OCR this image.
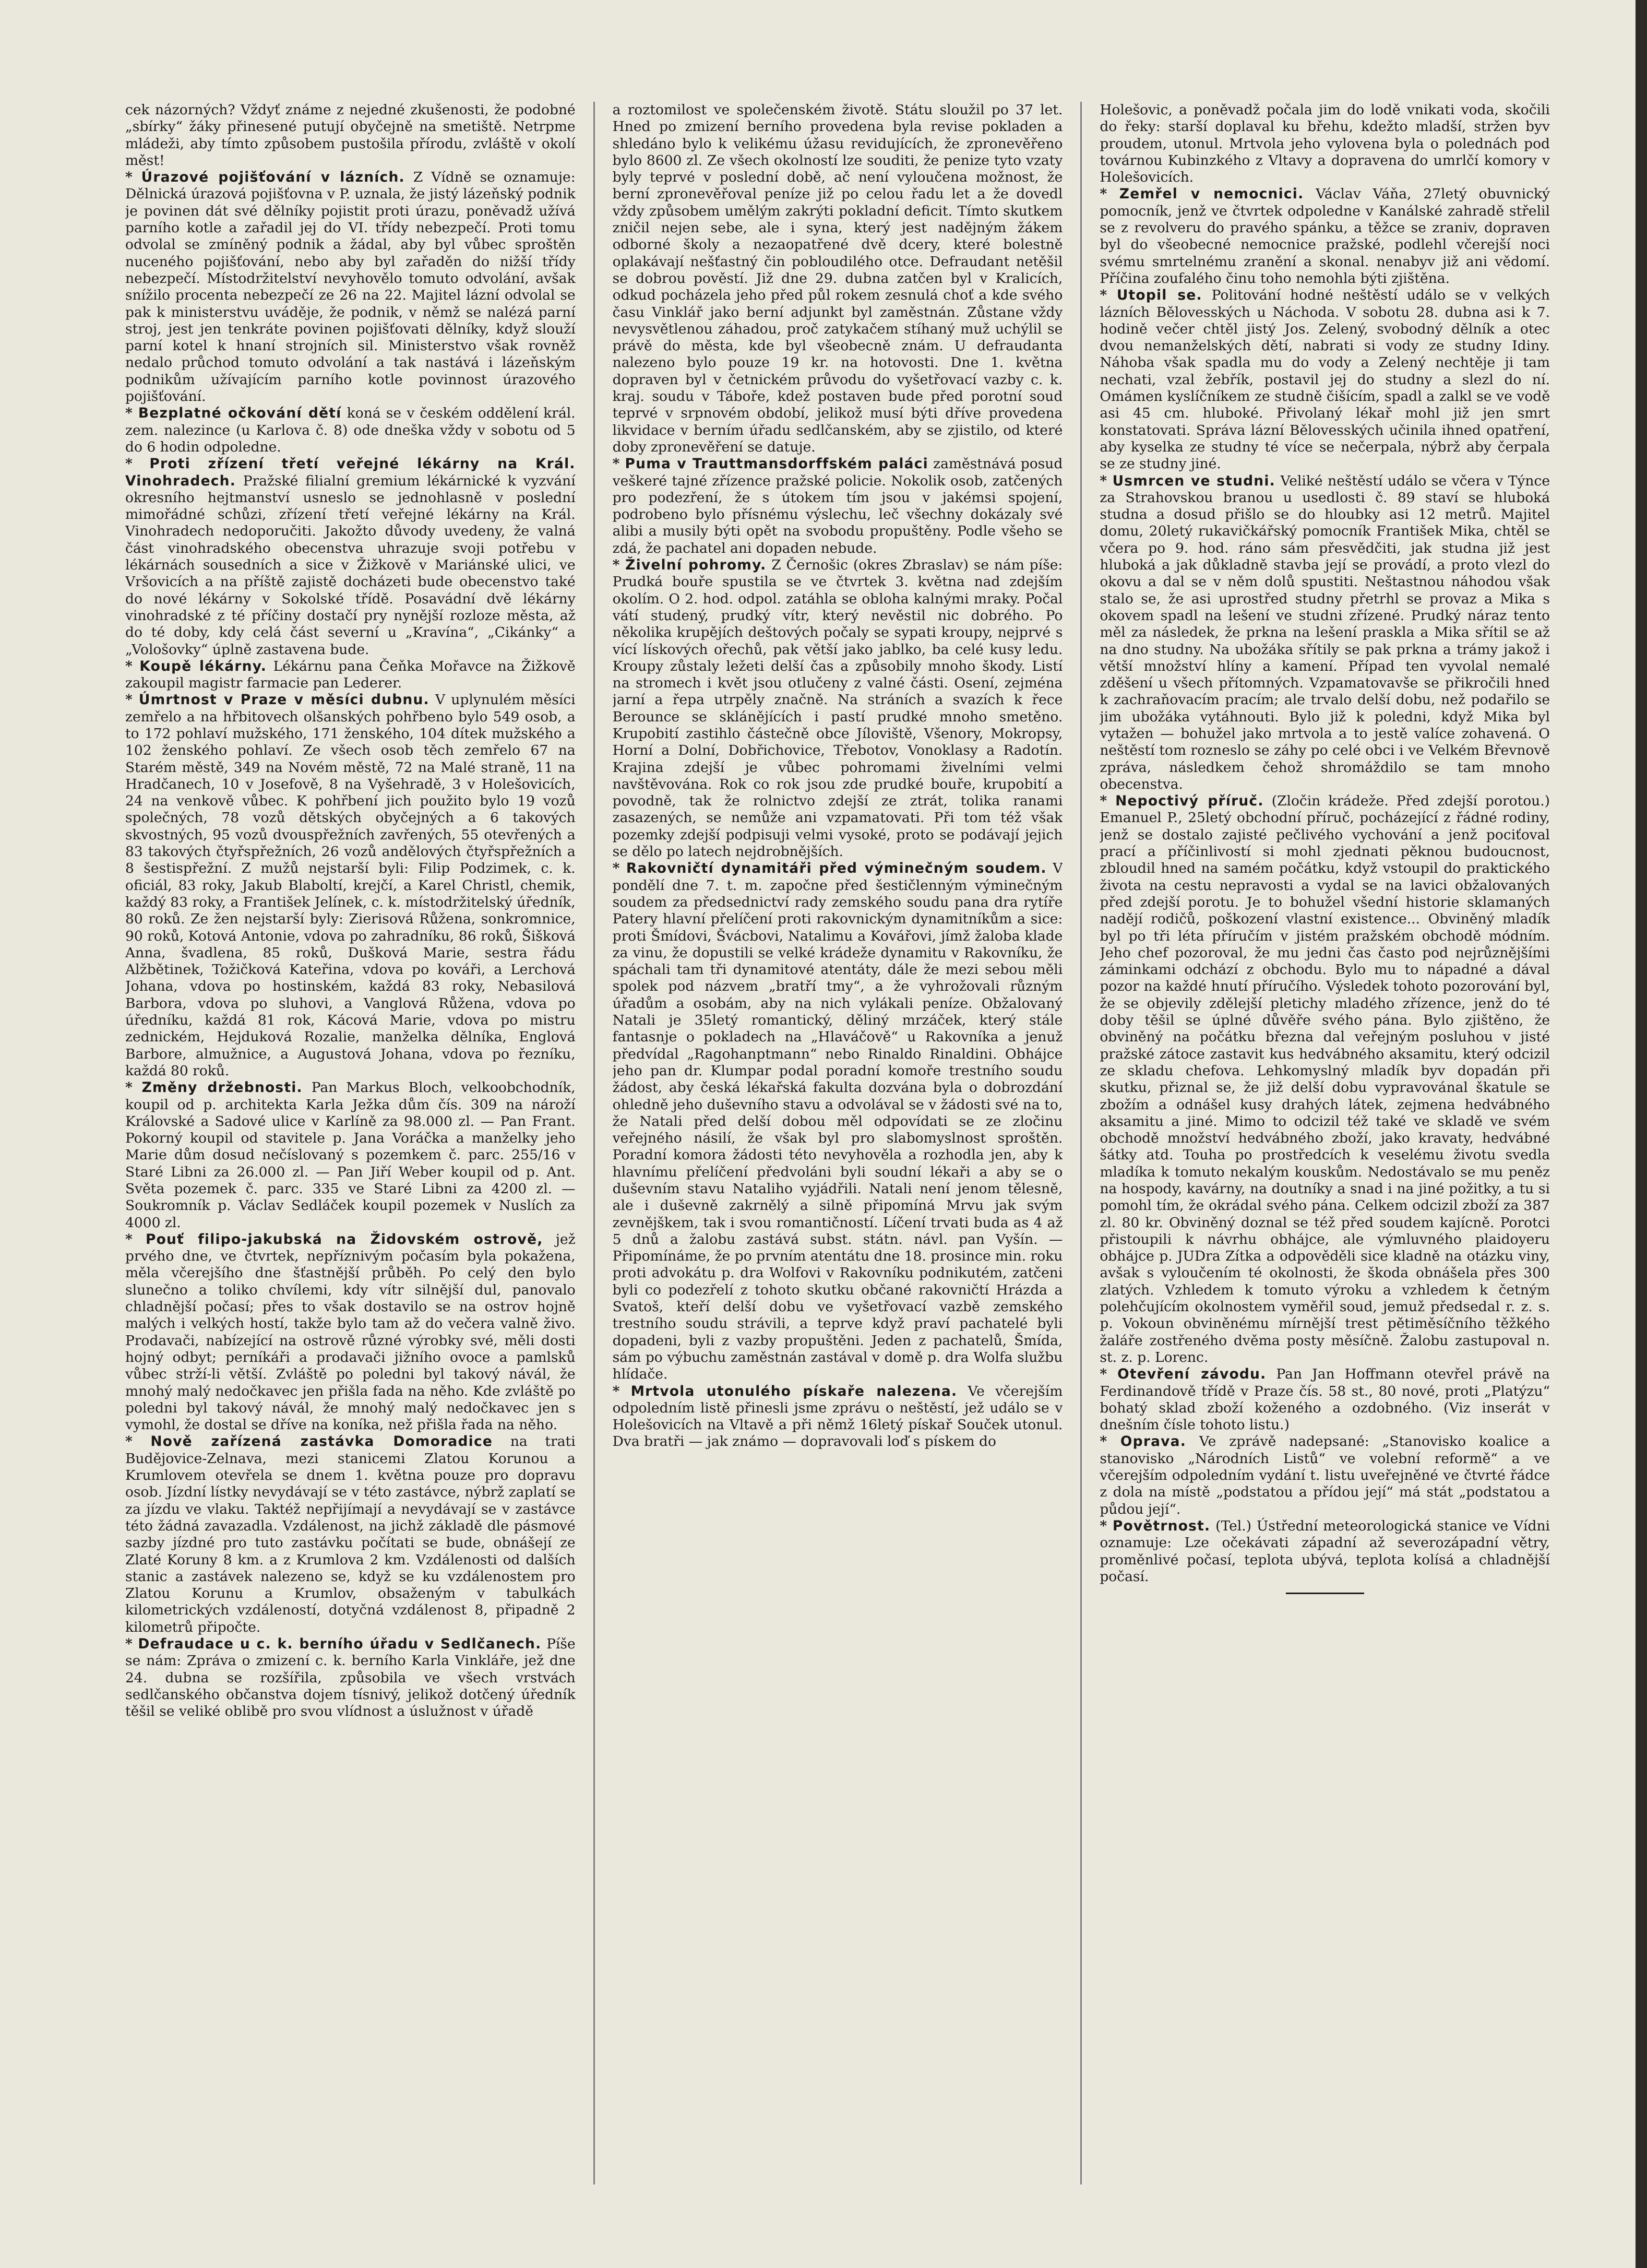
cek názorných? Vždyť známe z nejedné zkušenosti, že podobné „sbírky“ žáky přinesené putují obyčejně na smetiště. Netrpme mládeži, aby tímto způsobem pustošila přírodu, zvláště v okolí měst!

* Úrazové pojišťování v lázních. Z Vídně se oznamuje: Dělnická úrazová pojišťovna v P. uznala, že jistý lázeňský podnik je povinen dát své dělníky pojistit proti úrazu, poněvadž užívá parního kotle a zařadil jej do VI. třídy nebezpečí. Proti tomu odvolal se zmíněný podnik a žádal, aby byl vůbec sproštěn nuceného pojišťování, nebo aby byl zařaděn do nižší třídy nebezpečí. Místodržitelství nevyhovělo tomuto odvolání, avšak snížilo procenta nebezpečí ze 26 na 22. Majitel lázní odvolal se pak k ministerstvu uváděje, že podnik, v němž se nalézá parní stroj, jest jen tenkráte povinen pojišťovati dělníky, když slouží parní kotel k hnaní strojních sil. Ministerstvo však rovněž nedalo průchod tomuto odvolání a tak nastává i lázeňským podnikům užívajícím parního kotle povinnost úrazového pojišťování.

* Bezplatné očkování dětí koná se v českém oddělení král. zem. nalezince (u Karlova č. 8) ode dneška vždy v sobotu od 5 do 6 hodin odpoledne.

* Proti zřízení třetí veřejné lékárny na Král. Vinohradech. Pražské filialní gremium lékárnické k vyzvání okresního hejtmanství usneslo se jednohlasně v poslední mimořádné schůzi, zřízení třetí veřejné lékárny na Král. Vinohradech nedoporučiti. Jakožto důvody uvedeny, že valná část vinohradského obecenstva uhrazuje svoji potřebu v lékárnách sousedních a sice v Žižkově v Mariánské ulici, ve Vršovicích a na příště zajistě docházeti bude obecenstvo také do nové lékárny v Sokolské třídě. Posavádní dvě lékárny vinohradské z té příčiny dostačí pry nynější rozloze města, až do té doby, kdy celá část severní u „Kravína“, „Cikánky“ a „Vološovky“ úplně zastavena bude.

* Koupě lékárny. Lékárnu pana Čeňka Mořavce na Žižkově zakoupil magistr farmacie pan Lederer.

* Úmrtnost v Praze v měsíci dubnu. V uplynulém měsíci zemřelo a na hřbitovech olšanských pohřbeno bylo 549 osob, a to 172 pohlaví mužského, 171 ženského, 104 dítek mužského a 102 ženského pohlaví. Ze všech osob těch zemřelo 67 na Starém městě, 349 na Novém městě, 72 na Malé straně, 11 na Hradčanech, 10 v Josefově, 8 na Vyšehradě, 3 v Holešovicích, 24 na venkově vůbec. K pohřbení jich použito bylo 19 vozů společných, 78 vozů dětských obyčejných a 6 takových skvostných, 95 vozů dvouspřežních zavřených, 55 otevřených a 83 takových čtyřspřežních, 26 vozů andělových čtyřspřežních a 8 šestispřežní. Z mužů nejstarší byli: Filip Podzimek, c. k. oficiál, 83 roky, Jakub Blaboltí, krejčí, a Karel Christl, chemik, každý 83 roky, a František Jelínek, c. k. místodržitelský úředník, 80 roků. Ze žen nejstarší byly: Zierisová Růžena, sonkromnice, 90 roků, Kotová Antonie, vdova po zahradníku, 86 roků, Šišková Anna, švadlena, 85 roků, Dušková Marie, sestra řádu Alžbětinek, Tožičková Kateřina, vdova po kováři, a Lerchová Johana, vdova po hostinském, každá 83 roky, Nebasilová Barbora, vdova po sluhovi, a Vanglová Růžena, vdova po úředníku, každá 81 rok, Kácová Marie, vdova po mistru zednickém, Hejduková Rozalie, manželka dělníka, Englová Barbore, almužnice, a Augustová Johana, vdova po řezníku, každá 80 roků.

* Změny držebnosti. Pan Markus Bloch, velkoobchodník, koupil od p. architekta Karla Ježka dům čís. 309 na nároží Královské a Sadové ulice v Karlíně za 98.000 zl. — Pan Frant. Pokorný koupil od stavitele p. Jana Voráčka a manželky jeho Marie dům dosud nečíslovaný s pozemkem č. parc. 255/16 v Staré Libni za 26.000 zl. — Pan Jiří Weber koupil od p. Ant. Světa pozemek č. parc. 335 ve Staré Libni za 4200 zl. — Soukromník p. Václav Sedláček koupil pozemek v Nuslích za 4000 zl.

* Pouť filipo-jakubská na Židovském ostrově, jež prvého dne, ve čtvrtek, nepříznivým počasím byla pokažena, měla včerejšího dne šťastnější průběh. Po celý den bylo slunečno a toliko chvílemi, kdy vítr silnější dul, panovalo chladnější počasí; přes to však dostavilo se na ostrov hojně malých i velkých hostí, takže bylo tam až do večera valně živo. Prodavači, nabízející na ostrově různé výrobky své, měli dosti hojný odbyt; perníkáři a prodavači jižního ovoce a pamlsků vůbec strží-li větší. Zvláště po poledni byl takový návál, že mnohý malý nedočkavec jen přišla fada na něho. Kde zvláště po poledni byl takový návál, že mnohý malý nedočkavec jen s vymohl, že dostal se dříve na koníka, než přišla řada na něho.

* Nově zařízená zastávka Domoradice na trati Budějovice-Zelnava, mezi stanicemi Zlatou Korunou a Krumlovem otevřela se dnem 1. května pouze pro dopravu osob. Jízdní lístky nevydávají se v této zastávce, nýbrž zaplatí se za jízdu ve vlaku. Taktéž nepřijímají a nevydávají se v zastávce této žádná zavazadla. Vzdálenost, na jichž základě dle pásmové sazby jízdné pro tuto zastávku počítati se bude, obnášejí ze Zlaté Koruny 8 km. a z Krumlova 2 km. Vzdálenosti od dalších stanic a zastávek nalezeno se, když se ku vzdálenostem pro Zlatou Korunu a Krumlov, obsaženým v tabulkách kilometrických vzdáleností, dotyčná vzdálenost 8, připadně 2 kilometrů připočte.

* Defraudace u c. k. berního úřadu v Sedlčanech. Píše se nám: Zpráva o zmizení c. k. berního Karla Vinkláře, jež dne 24. dubna se rozšířila, způsobila ve všech vrstvách sedlčanského občanstva dojem tísnivý, jelikož dotčený úředník těšil se veliké oblibě pro svou vlídnost a úslužnost v úřadě

a roztomilost ve společenském životě. Státu sloužil po 37 let. Hned po zmizení berního provedena byla revise pokladen a shledáno bylo k velikému úžasu revidujících, že zpronevěřeno bylo 8600 zl. Ze všech okolností lze souditi, že penize tyto vzaty byly teprvé v poslední době, ač není vyloučena možnost, že berní zpronevěřoval peníze již po celou řadu let a že dovedl vždy způsobem umělým zakrýti pokladní deficit. Tímto skutkem zničil nejen sebe, ale i syna, který jest nadějným žákem odborné školy a nezaopatřené dvě dcery, které bolestně oplakávají nešťastný čin pobloudilého otce. Defraudant netěšil se dobrou pověstí. Již dne 29. dubna zatčen byl v Kralicích, odkud pocházela jeho před půl rokem zesnulá choť a kde svého času Vinklář jako berní adjunkt byl zaměstnán. Zůstane vždy nevysvětlenou záhadou, proč zatykačem stíhaný muž uchýlil se právě do města, kde byl všeobecně znám. U defraudanta nalezeno bylo pouze 19 kr. na hotovosti. Dne 1. května dopraven byl v četnickém průvodu do vyšetřovací vazby c. k. kraj. soudu v Táboře, kdež postaven bude před porotní soud teprvé v srpnovém období, jelikož musí býti dříve provedena likvidace v berním úřadu sedlčanském, aby se zjistilo, od které doby zpronevěření se datuje.

* Puma v Trauttmansdorffském paláci zaměstnává posud veškeré tajné zřízence pražské policie. Nokolik osob, zatčených pro podezření, že s útokem tím jsou v jakémsi spojení, podrobeno bylo přísnému výslechu, leč všechny dokázaly své alibi a musily býti opět na svobodu propuštěny. Podle všeho se zdá, že pachatel ani dopaden nebude.

* Živelní pohromy. Z Černošic (okres Zbraslav) se nám píše: Prudká bouře spustila se ve čtvrtek 3. května nad zdejším okolím. O 2. hod. odpol. zatáhla se obloha kalnými mraky. Počal vátí studený, prudký vítr, který nevěstil nic dobrého. Po několika krupějích deštových počaly se sypati kroupy, nejprvé s vící lískových ořechů, pak větší jako jablko, ba celé kusy ledu. Kroupy zůstaly ležeti delší čas a způsobily mnoho škody. Listí na stromech i květ jsou otlučeny z valné části. Osení, zejména jarní a řepa utrpěly značně. Na stráních a svazích k řece Berounce se sklánějících i pastí prudké mnoho smetěno. Krupobití zastihlo částečně obce Jíloviště, Všenory, Mokropsy, Horní a Dolní, Dobřichovice, Třebotov, Vonoklasy a Radotín. Krajina zdejší je vůbec pohromami živelními velmi navštěvována. Rok co rok jsou zde prudké bouře, krupobití a povodně, tak že rolnictvo zdejší ze ztrát, tolika ranami zasazených, se nemůže ani vzpamatovati. Při tom též však pozemky zdejší podpisuji velmi vysoké, proto se podávají jejich se dělo po latech nejdrobnějších.

* Rakovničtí dynamitáři před výminečným soudem. V pondělí dne 7. t. m. započne před šestičlenným výminečným soudem za předsednictví rady zemského soudu pana dra rytíře Patery hlavní přelíčení proti rakovnickým dynamitníkům a sice: proti Šmídovi, Švácbovi, Natalimu a Kovářovi, jímž žaloba klade za vinu, že dopustili se velké krádeže dynamitu v Rakovníku, že spáchali tam tři dynamitové atentáty, dále že mezi sebou měli spolek pod názvem „bratří tmy“, a že vyhrožovali různým úřadům a osobám, aby na nich vylákali peníze. Obžalovaný Natali je 35letý romantický, děliný mrzáček, který stále fantasnje o pokladech na „Hlaváčově“ u Rakovníka a jenuž předvídal „Ragohanptmann“ nebo Rinaldo Rinaldini. Obhájce jeho pan dr. Klumpar podal poradní komoře trestního soudu žádost, aby česká lékařská fakulta dozvána byla o dobrozdání ohledně jeho duševního stavu a odvolával se v žádosti své na to, že Natali před delší dobou měl odpovídati se ze zločinu veřejného násilí, že však byl pro slabomyslnost sproštěn. Poradní komora žádosti této nevyhověla a rozhodla jen, aby k hlavnímu přelíčení předvoláni byli soudní lékaři a aby se o duševním stavu Nataliho vyjádřili. Natali není jenom tělesně, ale i duševně zakrnělý a silně připomíná Mrvu jak svým zevnějškem, tak i svou romantičností. Líčení trvati buda as 4 až 5 dnů a žalobu zastává subst. státn. návl. pan Vyšín. — Připomínáme, že po prvním atentátu dne 18. prosince min. roku proti advokátu p. dra Wolfovi v Rakovníku podnikutém, zatčeni byli co podezřelí z tohoto skutku občané rakovničtí Hrázda a Svatoš, kteří delší dobu ve vyšetřovací vazbě zemského trestního soudu strávili, a teprve když praví pachatelé byli dopadeni, byli z vazby propuštěni. Jeden z pachatelů, Šmída, sám po výbuchu zaměstnán zastával v domě p. dra Wolfa službu hlídače.

* Mrtvola utonulého pískaře nalezena. Ve včerejším odpoledním listě přinesli jsme zprávu o neštěstí, jež událo se v Holešovicích na Vltavě a při němž 16letý pískař Souček utonul. Dva bratři — jak známo — dopravovali loď s pískem do

Holešovic, a poněvadž počala jim do lodě vnikati voda, skočili do řeky: starší doplaval ku břehu, kdežto mladší, stržen byv proudem, utonul. Mrtvola jeho vylovena byla o polednách pod továrnou Kubinzkého z Vltavy a dopravena do umrlčí komory v Holešovicích.

* Zemřel v nemocnici. Václav Váňa, 27letý obuvnický pomocník, jenž ve čtvrtek odpoledne v Kanálské zahradě střelil se z revolveru do pravého spánku, a těžce se zraniv, dopraven byl do všeobecné nemocnice pražské, podlehl včerejší noci svému smrtelnému zranění a skonal. nenabyv již ani vědomí. Příčina zoufalého činu toho nemohla býti zjištěna.

* Utopil se. Politování hodné neštěstí událo se v velkých lázních Bělovesských u Náchoda. V sobotu 28. dubna asi k 7. hodině večer chtěl jistý Jos. Zelený, svobodný dělník a otec dvou nemanželských dětí, nabrati si vody ze studny Idiny. Náhoba však spadla mu do vody a Zelený nechtěje ji tam nechati, vzal žebřík, postavil jej do studny a slezl do ní. Omámen kyslíčníkem ze studně čišícím, spadl a zalkl se ve vodě asi 45 cm. hluboké. Přivolaný lékař mohl již jen smrt konstatovati. Správa lázní Bělovesských učinila ihned opatření, aby kyselka ze studny té více se nečerpala, nýbrž aby čerpala se ze studny jiné.

* Usmrcen ve studni. Veliké neštěstí událo se včera v Týnce za Strahovskou branou u usedlosti č. 89 staví se hluboká studna a dosud přišlo se do hloubky asi 12 metrů. Majitel domu, 20letý rukavičkářský pomocník František Mika, chtěl se včera po 9. hod. ráno sám přesvědčiti, jak studna již jest hluboká a jak důkladně stavba její se provádí, a proto vlezl do okovu a dal se v něm dolů spustiti. Neštastnou náhodou však stalo se, že asi uprostřed studny přetrhl se provaz a Mika s okovem spadl na lešení ve studni zřízené. Prudký náraz tento měl za následek, že prkna na lešení praskla a Mika sřítil se až na dno studny. Na ubožáka sřítily se pak prkna a trámy jakož i větší množství hlíny a kamení. Případ ten vyvolal nemalé zděšení u všech přítomných. Vzpamatovavše se přikročili hned k zachraňovacím pracím; ale trvalo delší dobu, než podařilo se jim ubožáka vytáhnouti. Bylo již k poledni, když Mika byl vytažen — bohužel jako mrtvola a to jestě valíce zohavená. O neštěstí tom rozneslo se záhy po celé obci i ve Velkém Břevnově zpráva, následkem čehož shromáždilo se tam mnoho obecenstva.

* Nepoctivý příruč. (Zločin krádeže. Před zdejší porotou.) Emanuel P., 25letý obchodní příruč, pocházející z řádné rodiny, jenž se dostalo zajisté pečlivého vychování a jenž pociťoval prací a příčinlivostí si mohl zjednati pěknou budoucnost, zbloudil hned na samém počátku, když vstoupil do praktického života na cestu nepravosti a vydal se na lavici obžalovaných před zdejší porotu. Je to bohužel všední historie sklamaných nadějí rodičů, poškození vlastní existence... Obviněný mladík byl po tři léta příručím v jistém pražském obchodě módním. Jeho chef pozoroval, že mu jedni čas často pod nejrůznějšími záminkami odchází z obchodu. Bylo mu to nápadné a dával pozor na každé hnutí příručího. Výsledek tohoto pozorování byl, že se objevily zdělejší pletichy mladého zřízence, jenž do té doby těšil se úplné důvěře svého pána. Bylo zjištěno, že obviněný na počátku března dal veřejným posluhou v jisté pražské zátoce zastavit kus hedvábného aksamitu, který odcizil ze skladu chefova. Lehkomyslný mladík byv dopadán při skutku, přiznal se, že již delší dobu vypravovánal škatule se zbožím a odnášel kusy drahých látek, zejmena hedvábného aksamitu a jiné. Mimo to odcizil též také ve skladě ve svém obchodě množství hedvábného zboží, jako kravaty, hedvábné šátky atd. Touha po prostředcích k veselému životu svedla mladíka k tomuto nekalým kouskům. Nedostávalo se mu peněz na hospody, kavárny, na doutníky a snad i na jiné požitky, a tu si pomohl tím, že okrádal svého pána. Celkem odcizil zboží za 387 zl. 80 kr. Obviněný doznal se též před soudem kajícně. Porotci přistoupili k návrhu obhájce, ale výmluvného plaidoyeru obhájce p. JUDra Zítka a odpověděli sice kladně na otázku viny, avšak s vyloučením té okolnosti, že škoda obnášela přes 300 zlatých. Vzhledem k tomuto výroku a vzhledem k četným polehčujícím okolnostem vyměřil soud, jemuž předsedal r. z. s. p. Vokoun obviněnému mírnější trest pětiměsíčního těžkého žaláře zostřeného dvěma posty měsíčně. Žalobu zastupoval n. st. z. p. Lorenc.

* Otevření závodu. Pan Jan Hoffmann otevřel právě na Ferdinandově třídě v Praze čís. 58 st., 80 nové, proti „Platýzu“ bohatý sklad zboží koženého a ozdobného. (Viz inserát v dnešním čísle tohoto listu.)

* Oprava. Ve zprávě nadepsané: „Stanovisko koalice a stanovisko „Národních Listů“ ve volební reformě“ a ve včerejším odpoledním vydání t. listu uveřejněné ve čtvrté řádce z dola na místě „podstatou a přídou její“ má stát „podstatou a půdou její“.

* Povětrnost. (Tel.) Ústřední meteorologická stanice ve Vídni oznamuje: Lze očekávati západní až severozápadní větry, proměnlivé počasí, teplota ubývá, teplota kolísá a chladnější počasí.
